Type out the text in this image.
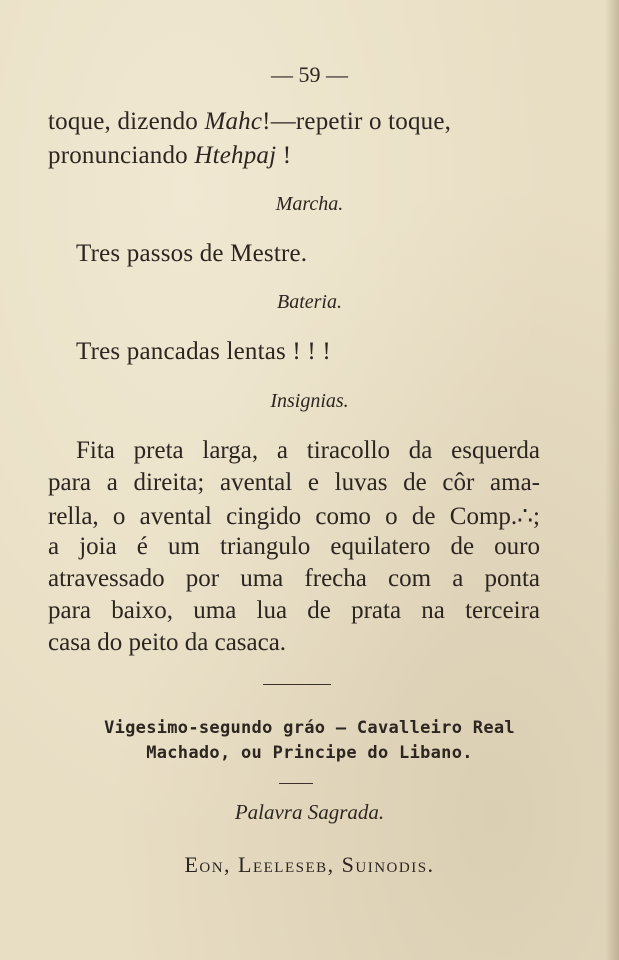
— 59 —
toque, dizendo Mahc!—repetir o toque,
pronunciando Htehpaj !
Marcha.
Tres passos de Mestre.
Bateria.
Tres pancadas lentas ! ! !
Insignias.
Fita preta larga, a tiracollo da esquerda
para a direita; avental e luvas de côr ama-
rella, o avental cingido como o de Comp.∴;
a joia é um triangulo equilatero de ouro
atravessado por uma frecha com a ponta
para baixo, uma lua de prata na terceira
casa do peito da casaca.
Vigesimo-segundo gráo — Cavalleiro Real
Machado, ou Principe do Libano.
Palavra Sagrada.
Eon, Leeleseb, Suinodis.
